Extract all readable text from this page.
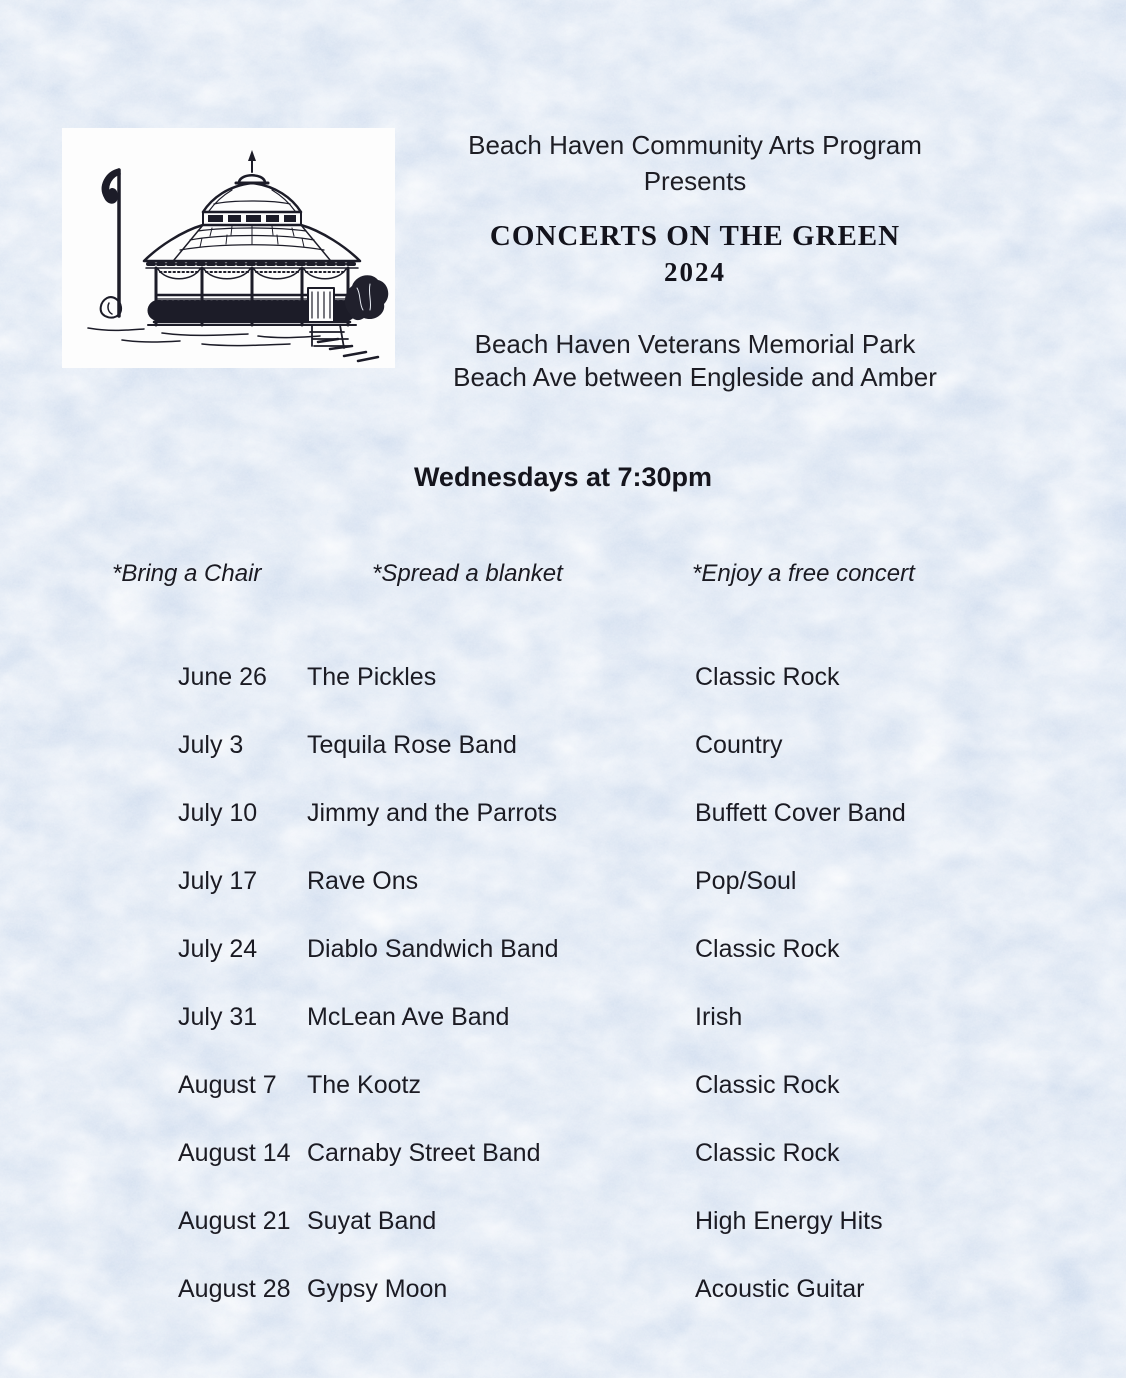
Beach Haven Community Arts Program
Presents
CONCERTS ON THE GREEN
2024
Beach Haven Veterans Memorial Park
Beach Ave between Engleside and Amber
Wednesdays at 7:30pm
*Bring a Chair	*Spread a blanket	*Enjoy a free concert
June 26 The Pickles	Classic Rock
July 3	Tequila Rose Band	Country
July 10 Jimmy and the Parrots	Buffett Cover Band
July 17 Rave Ons	Pop/Soul
July 24 Diablo Sandwich Band	Classic Rock
July 31 McLean Ave Band	Irish
August 7 The Kootz	Classic Rock
August 14 Carnaby Street Band	Classic Rock
August 21 Suyat Band	High Energy Hits
August 28 Gypsy Moon	Acoustic Guitar
